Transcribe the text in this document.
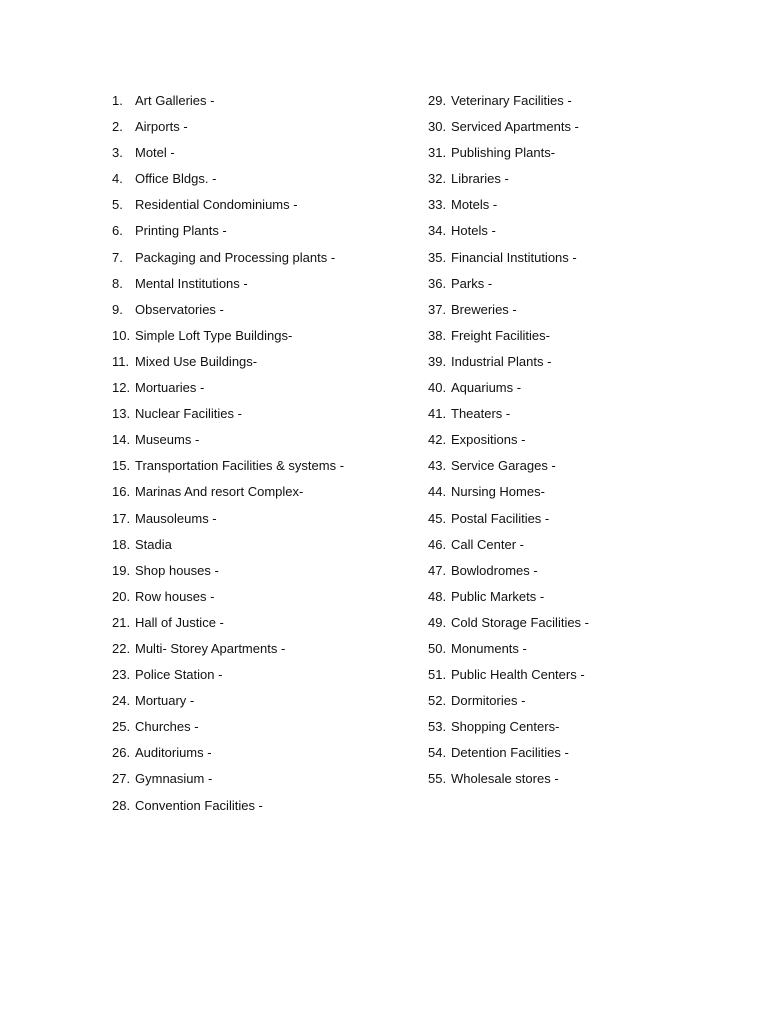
1. Art Galleries -
2. Airports -
3. Motel -
4. Office Bldgs. -
5. Residential Condominiums -
6. Printing Plants -
7. Packaging and Processing plants -
8. Mental Institutions -
9. Observatories -
10. Simple Loft Type Buildings-
11. Mixed Use Buildings-
12. Mortuaries -
13. Nuclear Facilities -
14. Museums -
15. Transportation Facilities & systems -
16. Marinas And resort Complex-
17. Mausoleums -
18. Stadia
19. Shop houses -
20. Row houses -
21. Hall of Justice -
22. Multi- Storey Apartments -
23. Police Station -
24. Mortuary -
25. Churches -
26. Auditoriums -
27. Gymnasium -
28. Convention Facilities -
29. Veterinary Facilities -
30. Serviced Apartments -
31. Publishing Plants-
32. Libraries -
33. Motels -
34. Hotels -
35. Financial Institutions -
36. Parks -
37. Breweries -
38. Freight Facilities-
39. Industrial Plants -
40. Aquariums -
41. Theaters -
42. Expositions -
43. Service Garages -
44. Nursing Homes-
45. Postal Facilities -
46. Call Center -
47. Bowlodromes -
48. Public Markets -
49. Cold Storage Facilities -
50. Monuments -
51. Public Health Centers -
52. Dormitories -
53. Shopping Centers-
54. Detention Facilities -
55. Wholesale stores -
